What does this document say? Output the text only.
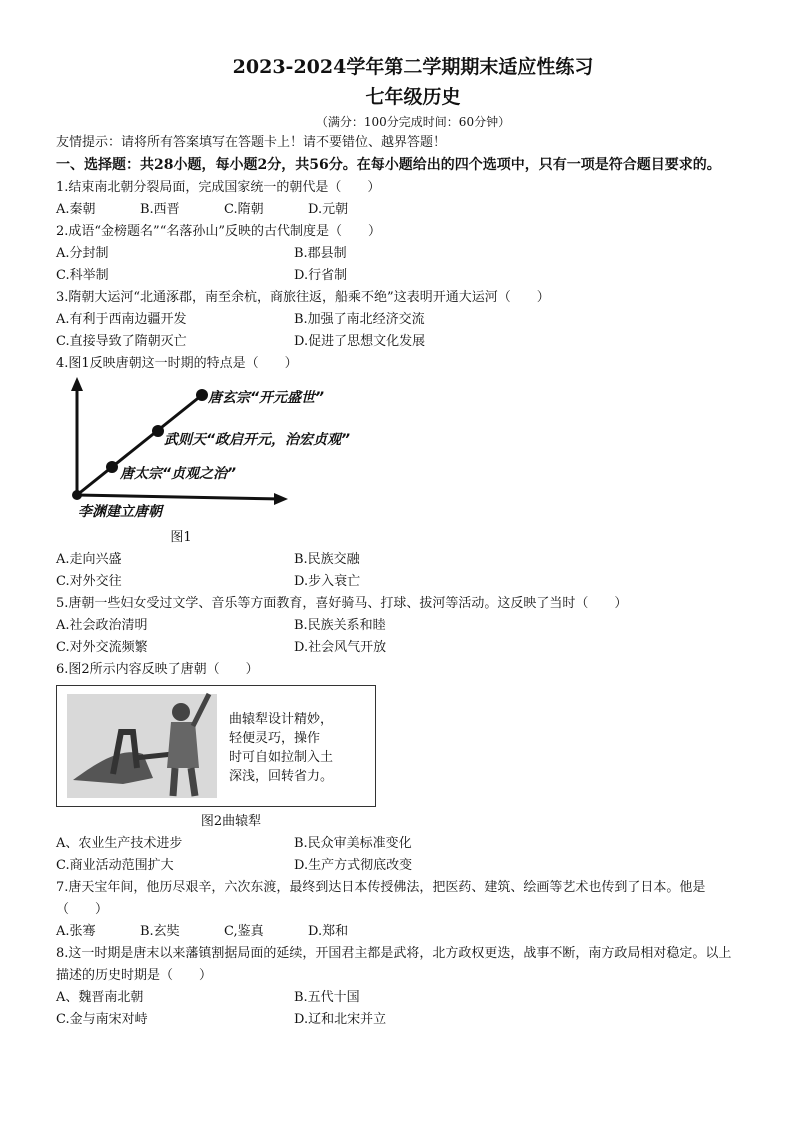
2023-2024学年第二学期期末适应性练习
七年级历史
（满分：100分完成时间：60分钟）
友情提示：请将所有答案填写在答题卡上！请不要错位、越界答题！
一、选择题：共28小题，每小题2分，共56分。在每小题给出的四个选项中，只有一项是符合题目要求的。
1.结束南北朝分裂局面，完成国家统一的朝代是（　　）
A.秦朝	B.西晋	C.隋朝	D.元朝
2.成语“金榜题名”“名落孙山”反映的古代制度是（　　）
A.分封制	B.郡县制
C.科举制	D.行省制
3.隋朝大运河“北通涿郡，南至余杭，商旅往返，船乘不绝”这表明开通大运河（　　）
A.有利于西南边疆开发	B.加强了南北经济交流
C.直接导致了隋朝灭亡	D.促进了思想文化发展
4.图1反映唐朝这一时期的特点是（　　）
唐玄宗“开元盛世”
武则天“政启开元，治宏贞观”
唐太宗“贞观之治”
李渊建立唐朝
图1
A.走向兴盛	B.民族交融
C.对外交往	D.步入衰亡
5.唐朝一些妇女受过文学、音乐等方面教育，喜好骑马、打球、拔河等活动。这反映了当时（　　）
A.社会政治清明	B.民族关系和睦
C.对外交流频繁	D.社会风气开放
6.图2所示内容反映了唐朝（　　）
曲辕犁设计精妙，
轻便灵巧，操作
时可自如拉制入土
深浅，回转省力。
图2曲辕犁
A、农业生产技术进步	B.民众审美标准变化
C.商业活动范围扩大	D.生产方式彻底改变
7.唐天宝年间，他历尽艰辛，六次东渡，最终到达日本传授佛法，把医药、建筑、绘画等艺术也传到了日本。他是（　　）
A.张骞	B.玄奘	C,鉴真	D.郑和
8.这一时期是唐末以来藩镇割据局面的延续，开国君主都是武将，北方政权更迭，战事不断，南方政局相对稳定。以上描述的历史时期是（　　）
A、魏晋南北朝	B.五代十国
C.金与南宋对峙	D.辽和北宋并立
